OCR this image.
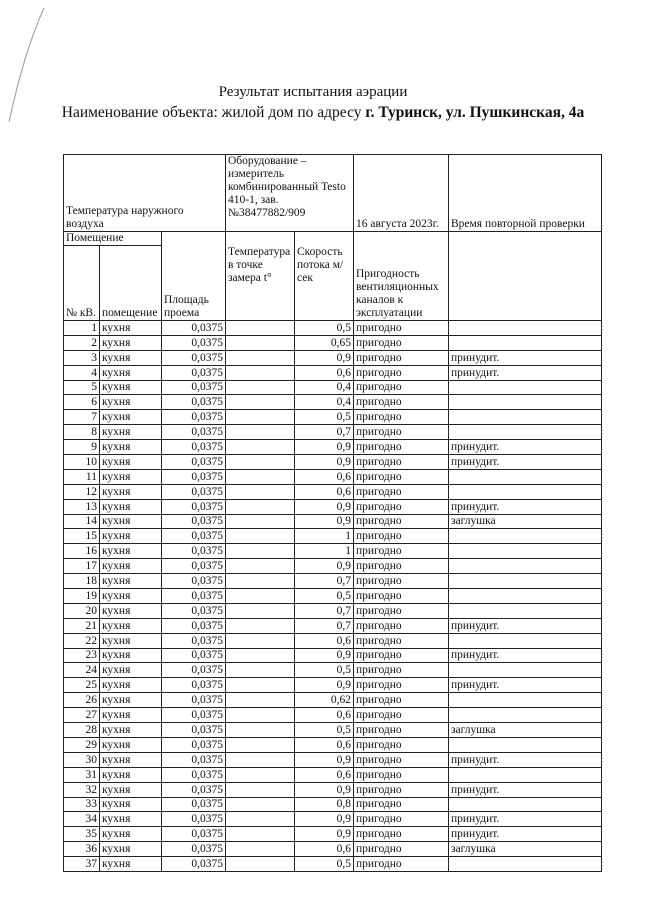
Результат испытания аэрации
Наименование объекта: жилой дом по адресу г. Туринск, ул. Пушкинская, 4а
Температура наружного воздуха			Оборудование – измеритель комбинированный Testo 410-1, зав. №38477882/909		16 августа 2023г.	Время повторной проверки
Помещение						
№ кВ.	помещение	Площадь проема	Температура в точке замера t°	Скорость потока м/сек	Пригодность вентиляционных каналов к эксплуатации	
1	кухня	0,0375		0,5	пригодно	
2	кухня	0,0375		0,65	пригодно	
3	кухня	0,0375		0,9	пригодно	принудит.
4	кухня	0,0375		0,6	пригодно	принудит.
5	кухня	0,0375		0,4	пригодно	
6	кухня	0,0375		0,4	пригодно	
7	кухня	0,0375		0,5	пригодно	
8	кухня	0,0375		0,7	пригодно	
9	кухня	0,0375		0,9	пригодно	принудит.
10	кухня	0,0375		0,9	пригодно	принудит.
11	кухня	0,0375		0,6	пригодно	
12	кухня	0,0375		0,6	пригодно	
13	кухня	0,0375		0,9	пригодно	принудит.
14	кухня	0,0375		0,9	пригодно	заглушка
15	кухня	0,0375		1	пригодно	
16	кухня	0,0375		1	пригодно	
17	кухня	0,0375		0,9	пригодно	
18	кухня	0,0375		0,7	пригодно	
19	кухня	0,0375		0,5	пригодно	
20	кухня	0,0375		0,7	пригодно	
21	кухня	0,0375		0,7	пригодно	принудит.
22	кухня	0,0375		0,6	пригодно	
23	кухня	0,0375		0,9	пригодно	принудит.
24	кухня	0,0375		0,5	пригодно	
25	кухня	0,0375		0,9	пригодно	принудит.
26	кухня	0,0375		0,62	пригодно	
27	кухня	0,0375		0,6	пригодно	
28	кухня	0,0375		0,5	пригодно	заглушка
29	кухня	0,0375		0,6	пригодно	
30	кухня	0,0375		0,9	пригодно	принудит.
31	кухня	0,0375		0,6	пригодно	
32	кухня	0,0375		0,9	пригодно	принудит.
33	кухня	0,0375		0,8	пригодно	
34	кухня	0,0375		0,9	пригодно	принудит.
35	кухня	0,0375		0,9	пригодно	принудит.
36	кухня	0,0375		0,6	пригодно	заглушка
37	кухня	0,0375		0,5	пригодно	
